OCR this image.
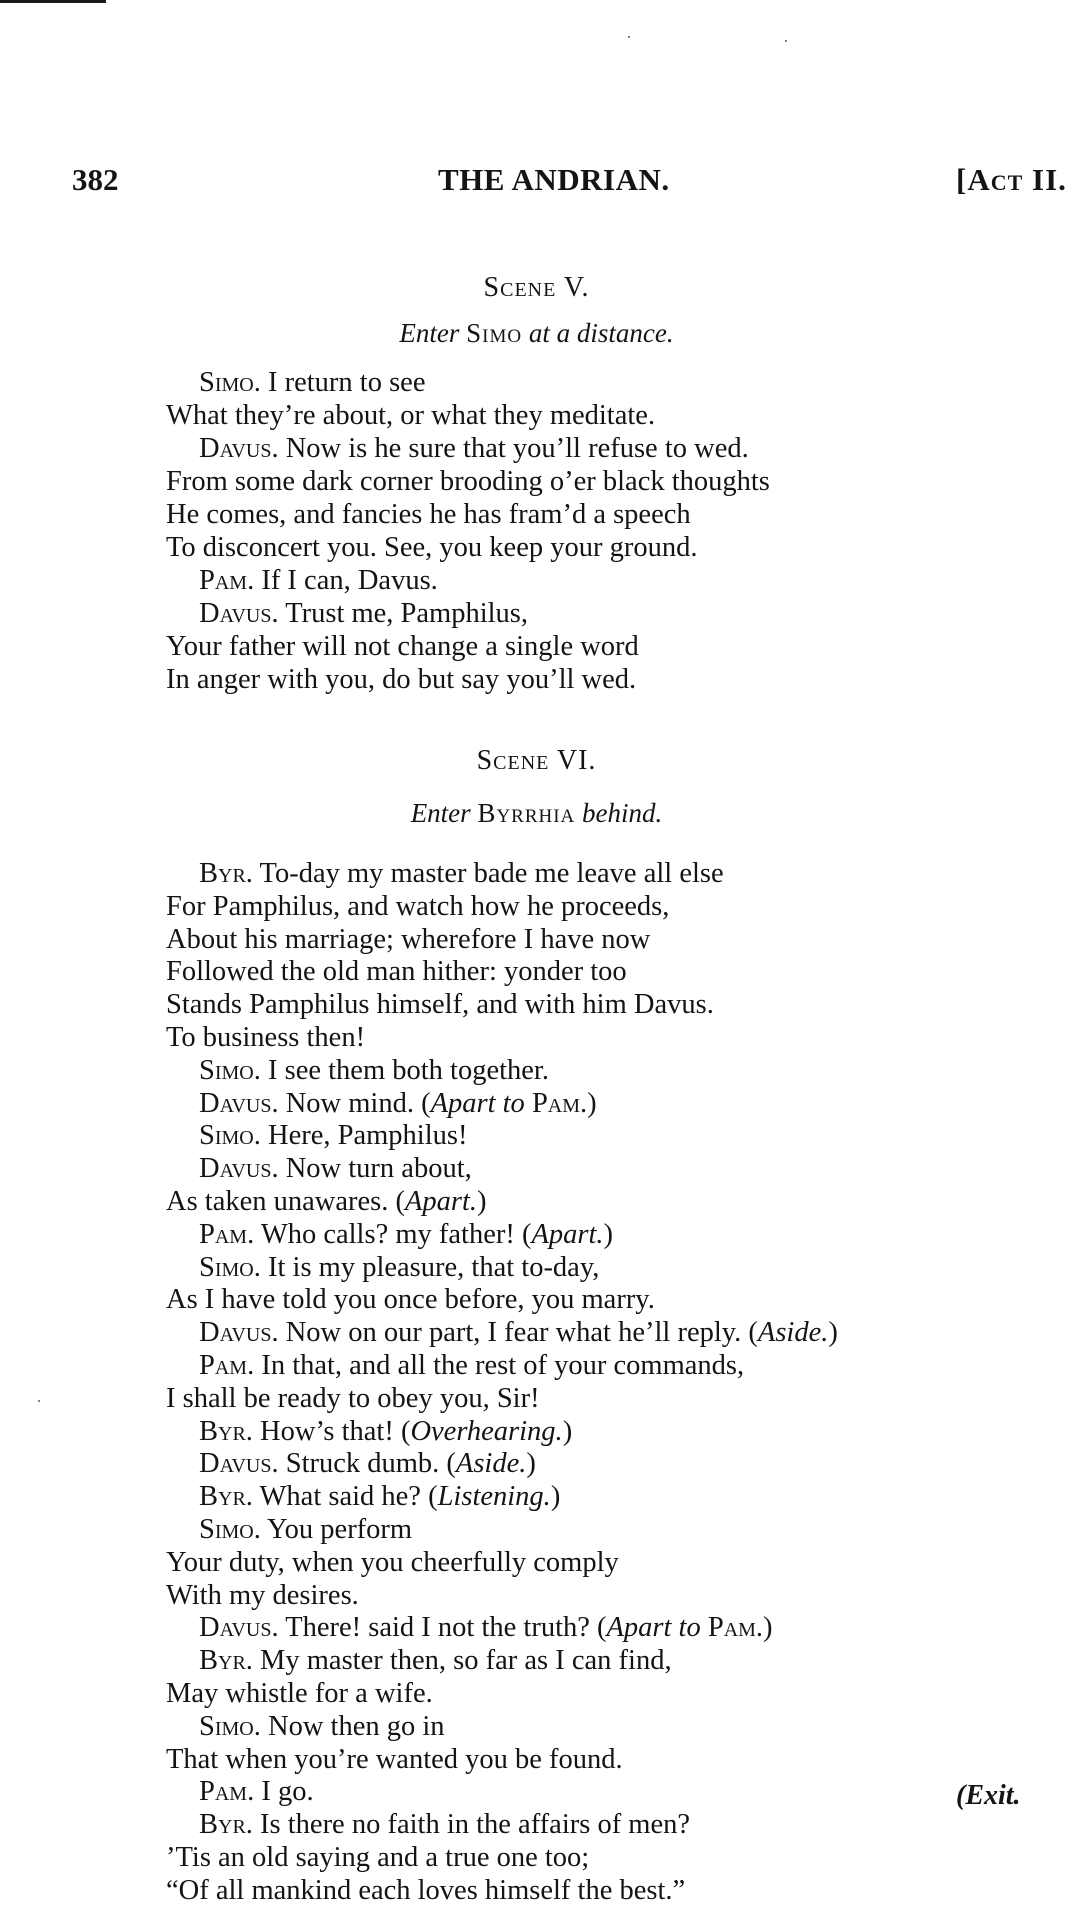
382	THE ANDRIAN.	[Act II.
Scene V.
Enter Simo at a distance.
Simo. I return to see
What they’re about, or what they meditate.
Davus. Now is he sure that you’ll refuse to wed.
From some dark corner brooding o’er black thoughts
He comes, and fancies he has fram’d a speech
To disconcert you. See, you keep your ground.
Pam. If I can, Davus.
Davus. Trust me, Pamphilus,
Your father will not change a single word
In anger with you, do but say you’ll wed.
Scene VI.
Enter Byrrhia behind.
Byr. To-day my master bade me leave all else
For Pamphilus, and watch how he proceeds,
About his marriage; wherefore I have now
Followed the old man hither: yonder too
Stands Pamphilus himself, and with him Davus.
To business then!
Simo. I see them both together.
Davus. Now mind. (Apart to Pam.)
Simo. Here, Pamphilus!
Davus. Now turn about,
As taken unawares. (Apart.)
Pam. Who calls? my father! (Apart.)
Simo. It is my pleasure, that to-day,
As I have told you once before, you marry.
Davus. Now on our part, I fear what he’ll reply. (Aside.)
Pam. In that, and all the rest of your commands,
I shall be ready to obey you, Sir!
Byr. How’s that! (Overhearing.)
Davus. Struck dumb. (Aside.)
Byr. What said he? (Listening.)
Simo. You perform
Your duty, when you cheerfully comply
With my desires.
Davus. There! said I not the truth? (Apart to Pam.)
Byr. My master then, so far as I can find,
May whistle for a wife.
Simo. Now then go in
That when you’re wanted you be found.
Pam. I go.
Byr. Is there no faith in the affairs of men?
’Tis an old saying and a true one too;
“Of all mankind each loves himself the best.”
(Exit.
